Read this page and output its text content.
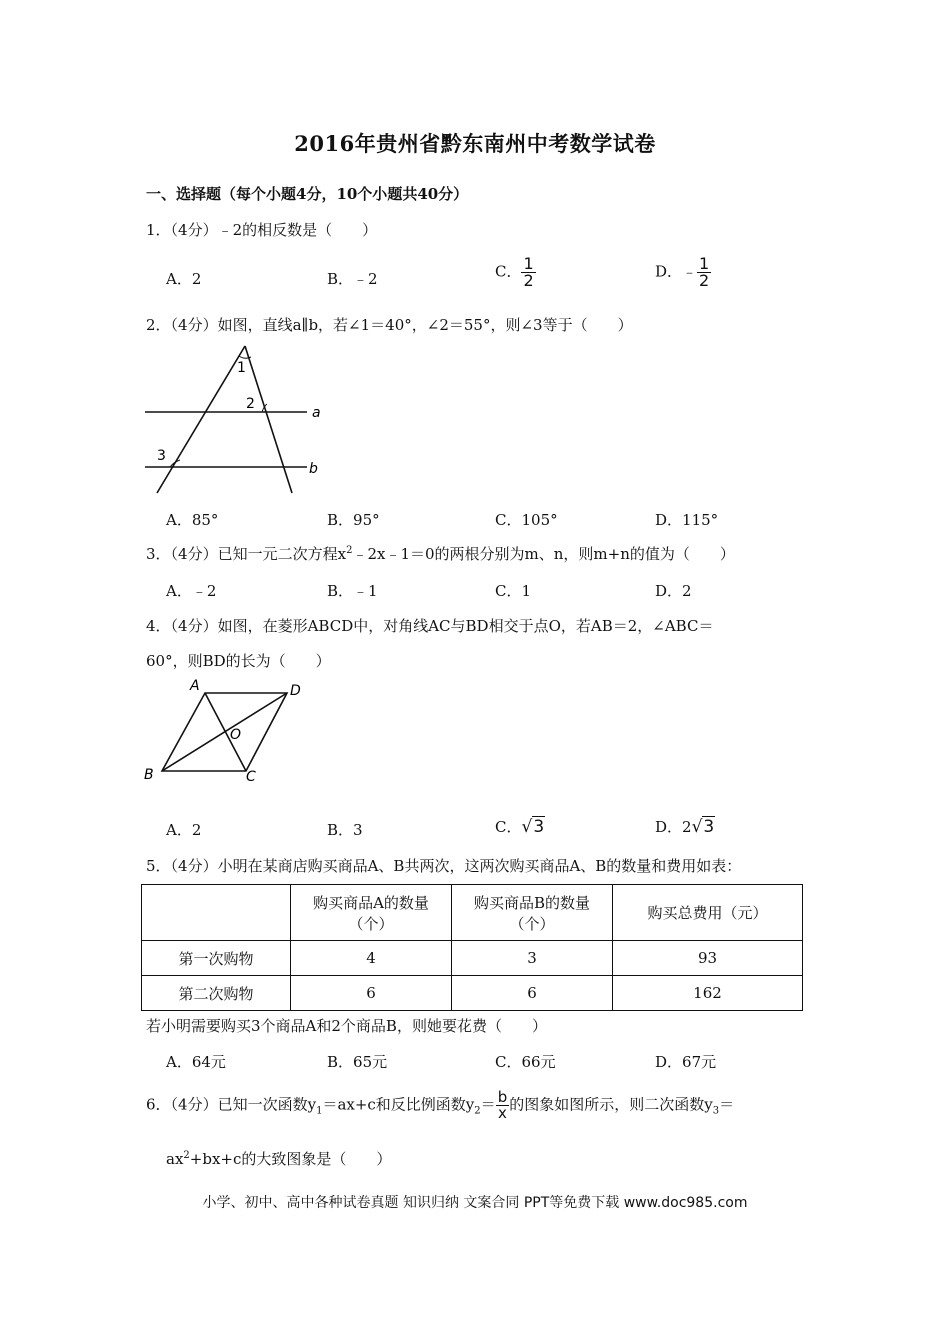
2016年贵州省黔东南州中考数学试卷
一、选择题（每个小题4分，10个小题共40分）
1．（4分）﹣2的相反数是（　　）
A．2	B．﹣2	C． $\frac{1}{2}$	D．﹣ $\frac{1}{2}$
2．（4分）如图，直线a∥b，若∠1＝40°，∠2＝55°，则∠3等于（　　）
1
2
3
a
b
A．85°	B．95°	C．105°	D．115°
3．（4分）已知一元二次方程$x^2﹣2x﹣1=0$的两根分别为m、n，则m+n的值为（　　）
A．﹣2	B．﹣1	C．1	D．2
4．（4分）如图，在菱形ABCD中，对角线AC与BD相交于点O，若AB＝2，∠ABC＝
60°，则BD的长为（　　）
A	D
B	C
O
A．2	B．3	C．√3	D．2√3
5．（4分）小明在某商店购买商品A、B共两次，这两次购买商品A、B的数量和费用如表：
	购买商品A的数量（个）	购买商品B的数量（个）	购买总费用（元）
第一次购物	4	3	93
第二次购物	6	6	162
若小明需要购买3个商品A和2个商品B，则她要花费（　　）
A．64元	B．65元	C．66元	D．67元
6．（4分）已知一次函数$y_1=ax+c$和反比例函数$y_2= \frac{b}{x}$ 的图象如图所示，则二次函数$y_3=$
$ax^2+bx+c$的大致图象是（　　）
小学、初中、高中各种试卷真题 知识归纳 文案合同 PPT等免费下载 www.doc985.com
